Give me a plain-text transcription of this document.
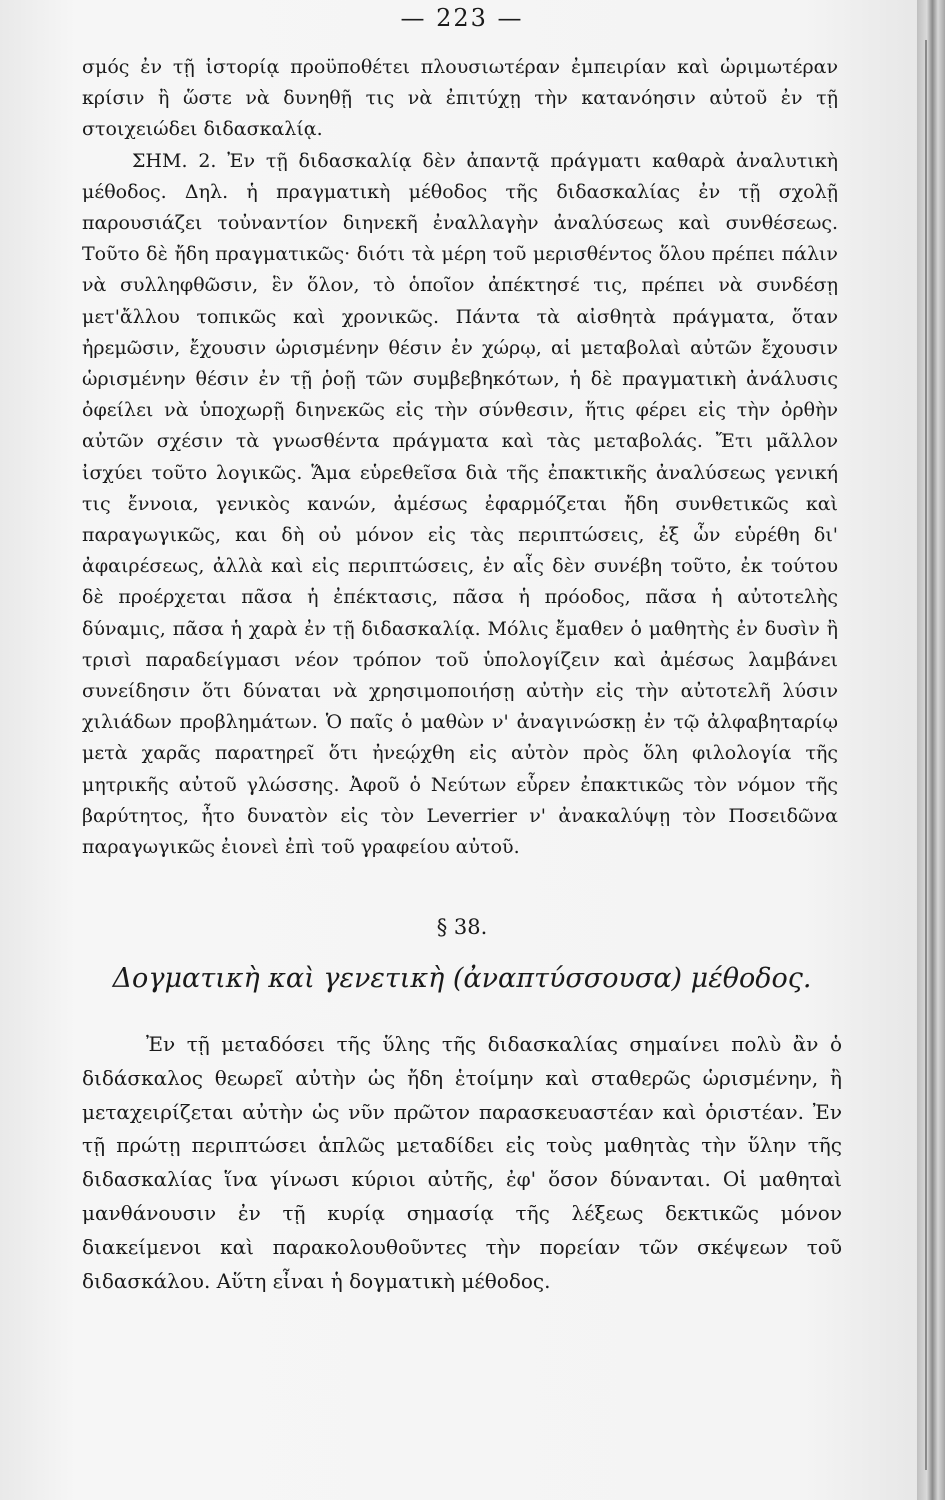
— 223 —

σμός ἐν τῇ ἱστορίᾳ προϋποθέτει πλουσιωτέραν ἐμπειρίαν καὶ ὡριμωτέραν κρίσιν ἢ ὥστε νὰ δυνηθῇ τις νὰ ἐπιτύχῃ τὴν κατανόησιν αὐτοῦ ἐν τῇ στοιχειώδει διδασκαλίᾳ.

ΣΗΜ. 2. Ἐν τῇ διδασκαλίᾳ δὲν ἀπαντᾷ πράγματι καθαρὰ ἀναλυτικὴ μέθοδος. Δηλ. ἡ πραγματικὴ μέθοδος τῆς διδασκαλίας ἐν τῇ σχολῇ παρουσιάζει τοὐναντίον διηνεκῆ ἐναλλαγὴν ἀναλύσεως καὶ συνθέσεως. Τοῦτο δὲ ἤδη πραγματικῶς· διότι τὰ μέρη τοῦ μερισθέντος ὅλου πρέπει πάλιν νὰ συλληφθῶσιν, ἓν ὅλον, τὸ ὁποῖον ἀπέκτησέ τις, πρέπει νὰ συνδέσῃ μετ'ἄλλου τοπικῶς καὶ χρονικῶς. Πάντα τὰ αἰσθητὰ πράγματα, ὅταν ἠρεμῶσιν, ἔχουσιν ὡρισμένην θέσιν ἐν χώρῳ, αἱ μεταβολαὶ αὐτῶν ἔχουσιν ὡρισμένην θέσιν ἐν τῇ ῥοῇ τῶν συμβεβηκότων, ἡ δὲ πραγματικὴ ἀνάλυσις ὀφείλει νὰ ὑποχωρῇ διηνεκῶς εἰς τὴν σύνθεσιν, ἥτις φέρει εἰς τὴν ὀρθὴν αὐτῶν σχέσιν τὰ γνωσθέντα πράγματα καὶ τὰς μεταβολάς. Ἔτι μᾶλλον ἰσχύει τοῦτο λογικῶς. Ἅμα εὑρεθεῖσα διὰ τῆς ἐπακτικῆς ἀναλύσεως γενική τις ἔννοια, γενικὸς κανών, ἀμέσως ἐφαρμόζεται ἤδη συνθετικῶς καὶ παραγωγικῶς, και δὴ οὐ μόνον εἰς τὰς περιπτώσεις, ἐξ ὧν εὑρέθη δι' ἀφαιρέσεως, ἀλλὰ καὶ εἰς περιπτώσεις, ἐν αἷς δὲν συνέβη τοῦτο, ἐκ τούτου δὲ προέρχεται πᾶσα ἡ ἐπέκτασις, πᾶσα ἡ πρόοδος, πᾶσα ἡ αὐτοτελὴς δύναμις, πᾶσα ἡ χαρὰ ἐν τῇ διδασκαλίᾳ. Μόλις ἔμαθεν ὁ μαθητὴς ἐν δυσὶν ἢ τρισὶ παραδείγμασι νέον τρόπον τοῦ ὑπολογίζειν καὶ ἀμέσως λαμβάνει συνείδησιν ὅτι δύναται νὰ χρησιμοποιήσῃ αὐτὴν εἰς τὴν αὐτοτελῆ λύσιν χιλιάδων προβλημάτων. Ὁ παῖς ὁ μαθὼν ν' ἀναγινώσκῃ ἐν τῷ ἀλφαβηταρίῳ μετὰ χαρᾶς παρατηρεῖ ὅτι ἠνεῴχθη εἰς αὐτὸν πρὸς ὅλη φιλολογία τῆς μητρικῆς αὐτοῦ γλώσσης. Ἀφοῦ ὁ Νεύτων εὗρεν ἐπακτικῶς τὸν νόμον τῆς βαρύτητος, ἦτο δυνατὸν εἰς τὸν Leverrier ν' ἀνακαλύψῃ τὸν Ποσειδῶνα παραγωγικῶς ἐιονεὶ ἐπὶ τοῦ γραφείου αὐτοῦ.

§ 38.
Δογματικὴ καὶ γενετικὴ (ἀναπτύσσουσα) μέθοδος.

Ἐν τῇ μεταδόσει τῆς ὕλης τῆς διδασκαλίας σημαίνει πολὺ ἂν ὁ διδάσκαλος θεωρεῖ αὐτὴν ὡς ἤδη ἑτοίμην καὶ σταθερῶς ὡρισμένην, ἢ μεταχειρίζεται αὐτὴν ὡς νῦν πρῶτον παρασκευαστέαν καὶ ὁριστέαν. Ἐν τῇ πρώτῃ περιπτώσει ἁπλῶς μεταδίδει εἰς τοὺς μαθητὰς τὴν ὕλην τῆς διδασκαλίας ἵνα γίνωσι κύριοι αὐτῆς, ἐφ' ὅσον δύνανται. Οἱ μαθηταὶ μανθάνουσιν ἐν τῇ κυρίᾳ σημασίᾳ τῆς λέξεως δεκτικῶς μόνον διακείμενοι καὶ παρακολουθοῦντες τὴν πορείαν τῶν σκέψεων τοῦ διδασκάλου. Αὕτη εἶναι ἡ δογματικὴ μέθοδος.
